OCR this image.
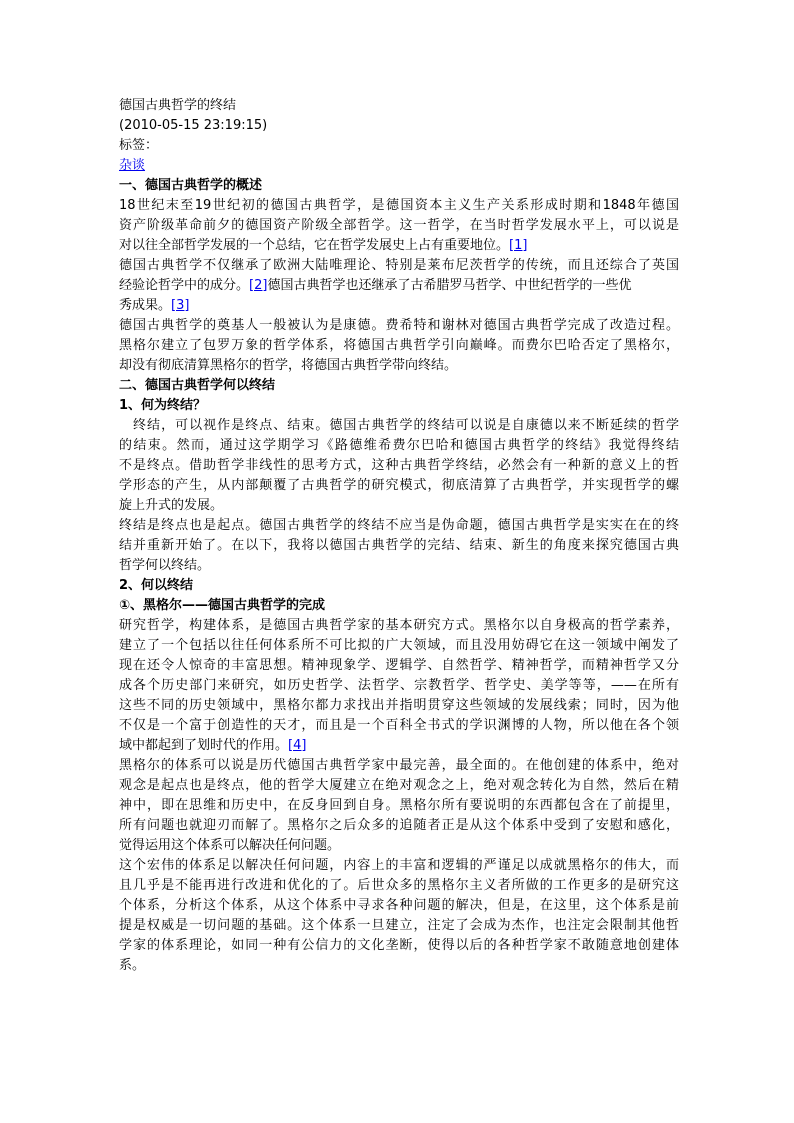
德国古典哲学的终结
(2010-05-15 23:19:15)
标签：
杂谈
一、德国古典哲学的概述
18世纪末至19世纪初的德国古典哲学，是德国资本主义生产关系形成时期和1848年德国
资产阶级革命前夕的德国资产阶级全部哲学。这一哲学，在当时哲学发展水平上，可以说是
对以往全部哲学发展的一个总结，它在哲学发展史上占有重要地位。[1]
德国古典哲学不仅继承了欧洲大陆唯理论、特别是莱布尼茨哲学的传统，而且还综合了英国
经验论哲学中的成分。[2]德国古典哲学也还继承了古希腊罗马哲学、中世纪哲学的一些优
秀成果。[3]
德国古典哲学的奠基人一般被认为是康德。费希特和谢林对德国古典哲学完成了改造过程。
黑格尔建立了包罗万象的哲学体系，将德国古典哲学引向巅峰。而费尔巴哈否定了黑格尔，
却没有彻底清算黑格尔的哲学，将德国古典哲学带向终结。
二、德国古典哲学何以终结
1、何为终结？
　终结，可以视作是终点、结束。德国古典哲学的终结可以说是自康德以来不断延续的哲学
的结束。然而，通过这学期学习《路德维希费尔巴哈和德国古典哲学的终结》我觉得终结
不是终点。借助哲学非线性的思考方式，这种古典哲学终结，必然会有一种新的意义上的哲
学形态的产生，从内部颠覆了古典哲学的研究模式，彻底清算了古典哲学，并实现哲学的螺
旋上升式的发展。
终结是终点也是起点。德国古典哲学的终结不应当是伪命题，德国古典哲学是实实在在的终
结并重新开始了。在以下，我将以德国古典哲学的完结、结束、新生的角度来探究德国古典
哲学何以终结。
2、何以终结
①、黑格尔——德国古典哲学的完成
研究哲学，构建体系，是德国古典哲学家的基本研究方式。黑格尔以自身极高的哲学素养，
建立了一个包括以往任何体系所不可比拟的广大领域，而且没用妨碍它在这一领域中阐发了
现在还令人惊奇的丰富思想。精神现象学、逻辑学、自然哲学、精神哲学，而精神哲学又分
成各个历史部门来研究，如历史哲学、法哲学、宗教哲学、哲学史、美学等等，——在所有
这些不同的历史领域中，黑格尔都力求找出并指明贯穿这些领域的发展线索；同时，因为他
不仅是一个富于创造性的天才，而且是一个百科全书式的学识渊博的人物，所以他在各个领
域中都起到了划时代的作用。[4]
黑格尔的体系可以说是历代德国古典哲学家中最完善，最全面的。在他创建的体系中，绝对
观念是起点也是终点，他的哲学大厦建立在绝对观念之上，绝对观念转化为自然，然后在精
神中，即在思维和历史中，在反身回到自身。黑格尔所有要说明的东西都包含在了前提里，
所有问题也就迎刃而解了。黑格尔之后众多的追随者正是从这个体系中受到了安慰和感化，
觉得运用这个体系可以解决任何问题。
这个宏伟的体系足以解决任何问题，内容上的丰富和逻辑的严谨足以成就黑格尔的伟大，而
且几乎是不能再进行改进和优化的了。后世众多的黑格尔主义者所做的工作更多的是研究这
个体系，分析这个体系，从这个体系中寻求各种问题的解决，但是，在这里，这个体系是前
提是权威是一切问题的基础。这个体系一旦建立，注定了会成为杰作，也注定会限制其他哲
学家的体系理论，如同一种有公信力的文化垄断，使得以后的各种哲学家不敢随意地创建体
系。
